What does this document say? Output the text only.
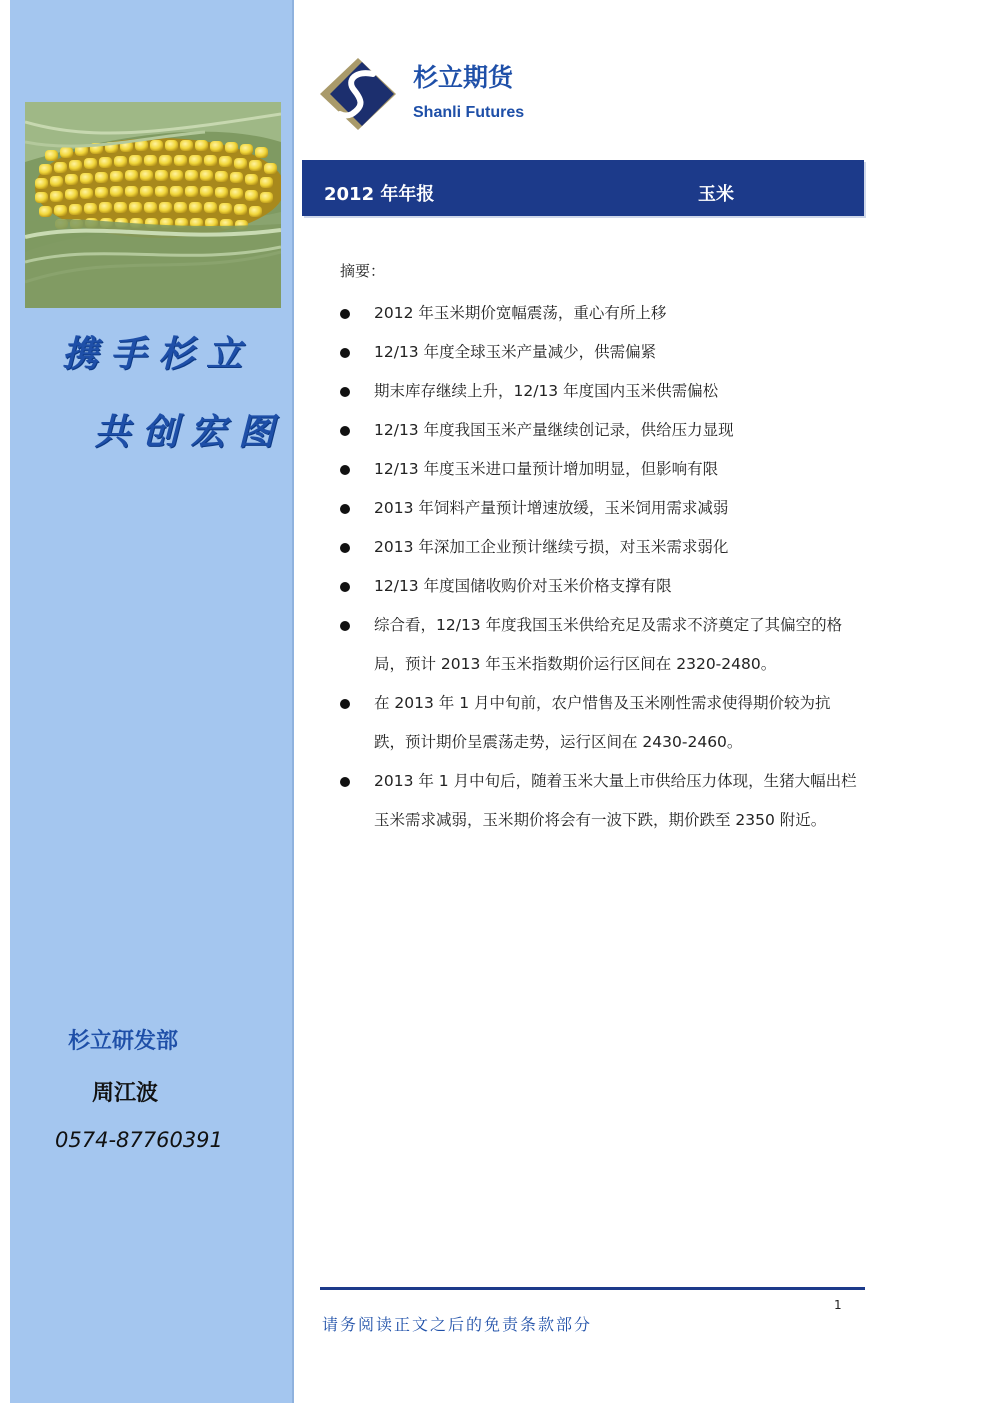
携手杉立
共创宏图
杉立研发部
周江波
0574-87760391
杉立期货
Shanli Futures
2012 年年报	玉米
摘要：
2012 年玉米期价宽幅震荡，重心有所上移
12/13 年度全球玉米产量减少，供需偏紧
期末库存继续上升，12/13 年度国内玉米供需偏松
12/13 年度我国玉米产量继续创记录，供给压力显现
12/13 年度玉米进口量预计增加明显，但影响有限
2013 年饲料产量预计增速放缓，玉米饲用需求减弱
2013 年深加工企业预计继续亏损，对玉米需求弱化
12/13 年度国储收购价对玉米价格支撑有限
综合看，12/13 年度我国玉米供给充足及需求不济奠定了其偏空的格局，预计 2013 年玉米指数期价运行区间在 2320-2480。
在 2013 年 1 月中旬前，农户惜售及玉米刚性需求使得期价较为抗跌，预计期价呈震荡走势，运行区间在 2430-2460。
2013 年 1 月中旬后，随着玉米大量上市供给压力体现，生猪大幅出栏玉米需求减弱，玉米期价将会有一波下跌，期价跌至 2350 附近。
1
请务阅读正文之后的免责条款部分
